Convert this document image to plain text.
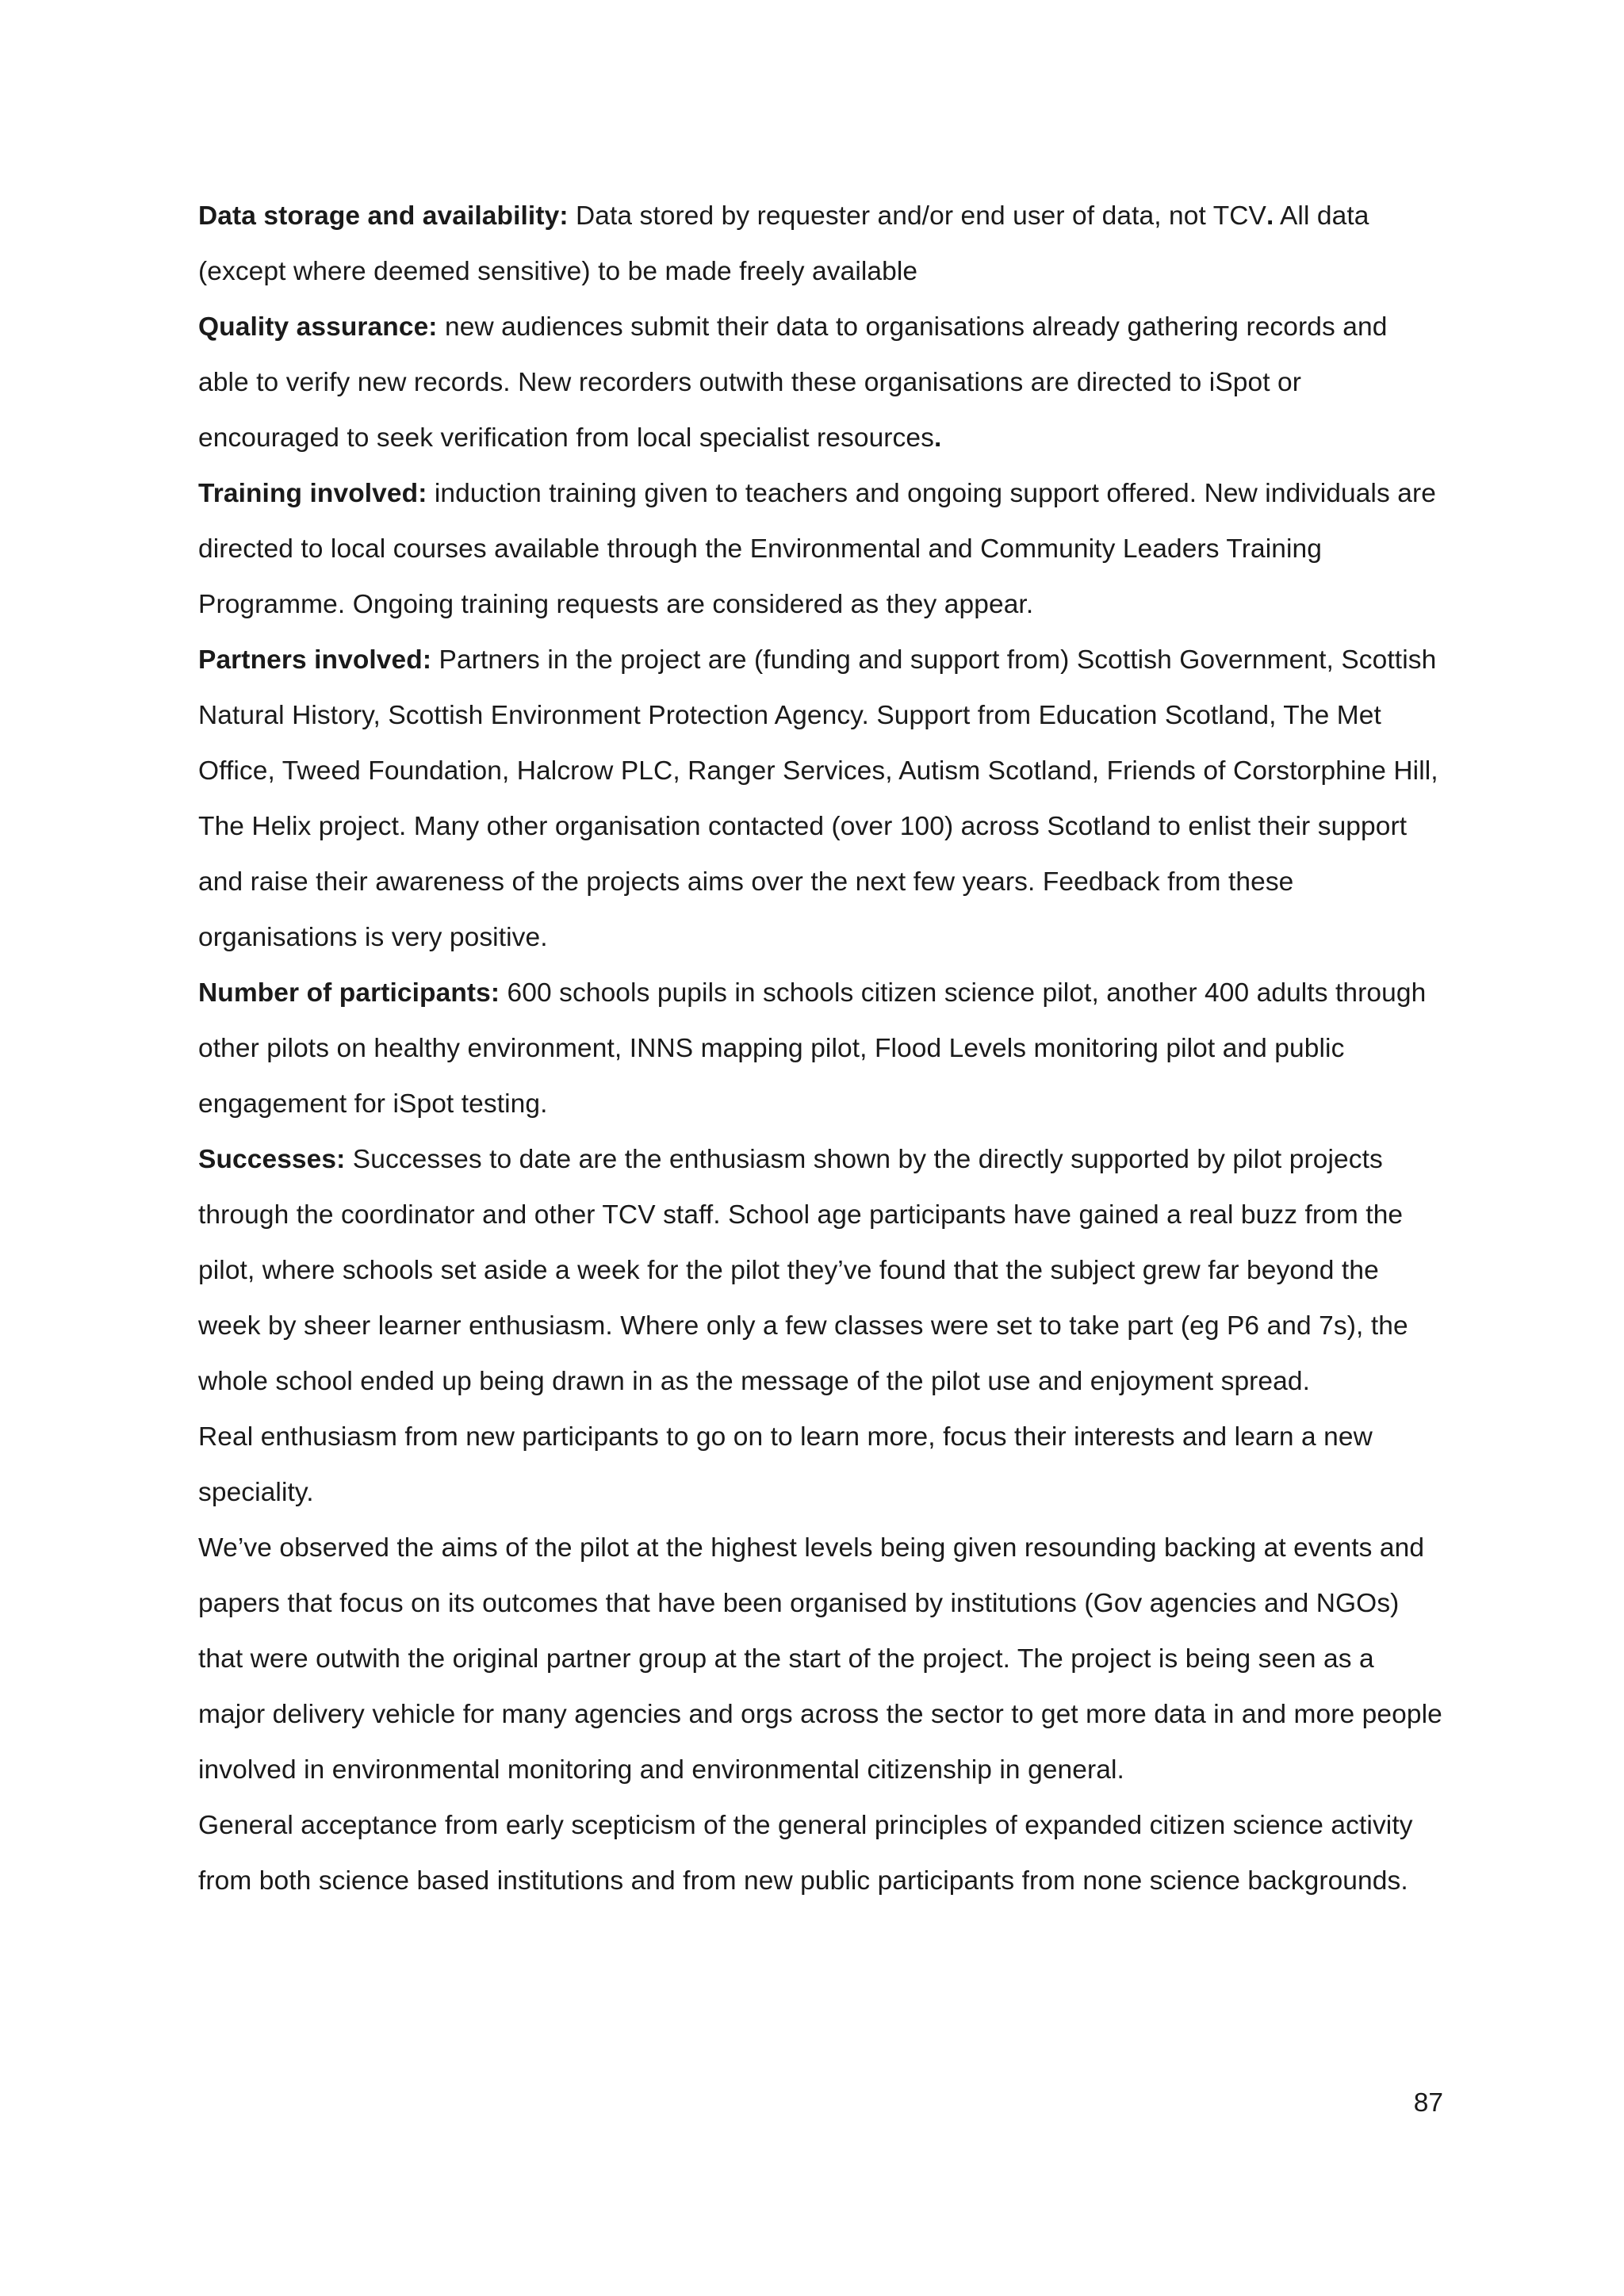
Data storage and availability: Data stored by requester and/or end user of data, not TCV. All data (except where deemed sensitive) to be made freely available

Quality assurance: new audiences submit their data to organisations already gathering records and able to verify new records. New recorders outwith these organisations are directed to iSpot or encouraged to seek verification from local specialist resources.

Training involved: induction training given to teachers and ongoing support offered. New individuals are directed to local courses available through the Environmental and Community Leaders Training Programme. Ongoing training requests are considered as they appear.

Partners involved: Partners in the project are (funding and support from) Scottish Government, Scottish Natural History, Scottish Environment Protection Agency. Support from Education Scotland, The Met Office, Tweed Foundation, Halcrow PLC, Ranger Services, Autism Scotland, Friends of Corstorphine Hill, The Helix project. Many other organisation contacted (over 100) across Scotland to enlist their support and raise their awareness of the projects aims over the next few years. Feedback from these organisations is very positive.

Number of participants: 600 schools pupils in schools citizen science pilot, another 400 adults through other pilots on healthy environment, INNS mapping pilot, Flood Levels monitoring pilot and public engagement for iSpot testing.

Successes: Successes to date are the enthusiasm shown by the directly supported by pilot projects through the coordinator and other TCV staff. School age participants have gained a real buzz from the pilot, where schools set aside a week for the pilot they’ve found that the subject grew far beyond the week by sheer learner enthusiasm. Where only a few classes were set to take part (eg P6 and 7s), the whole school ended up being drawn in as the message of the pilot use and enjoyment spread.

Real enthusiasm from new participants to go on to learn more, focus their interests and learn a new speciality.

We’ve observed the aims of the pilot at the highest levels being given resounding backing at events and papers that focus on its outcomes that have been organised by institutions (Gov agencies and NGOs) that were outwith the original partner group at the start of the project. The project is being seen as a major delivery vehicle for many agencies and orgs across the sector to get more data in and more people involved in environmental monitoring and environmental citizenship in general.

General acceptance from early scepticism of the general principles of expanded citizen science activity from both science based institutions and from new public participants from none science backgrounds.

87
